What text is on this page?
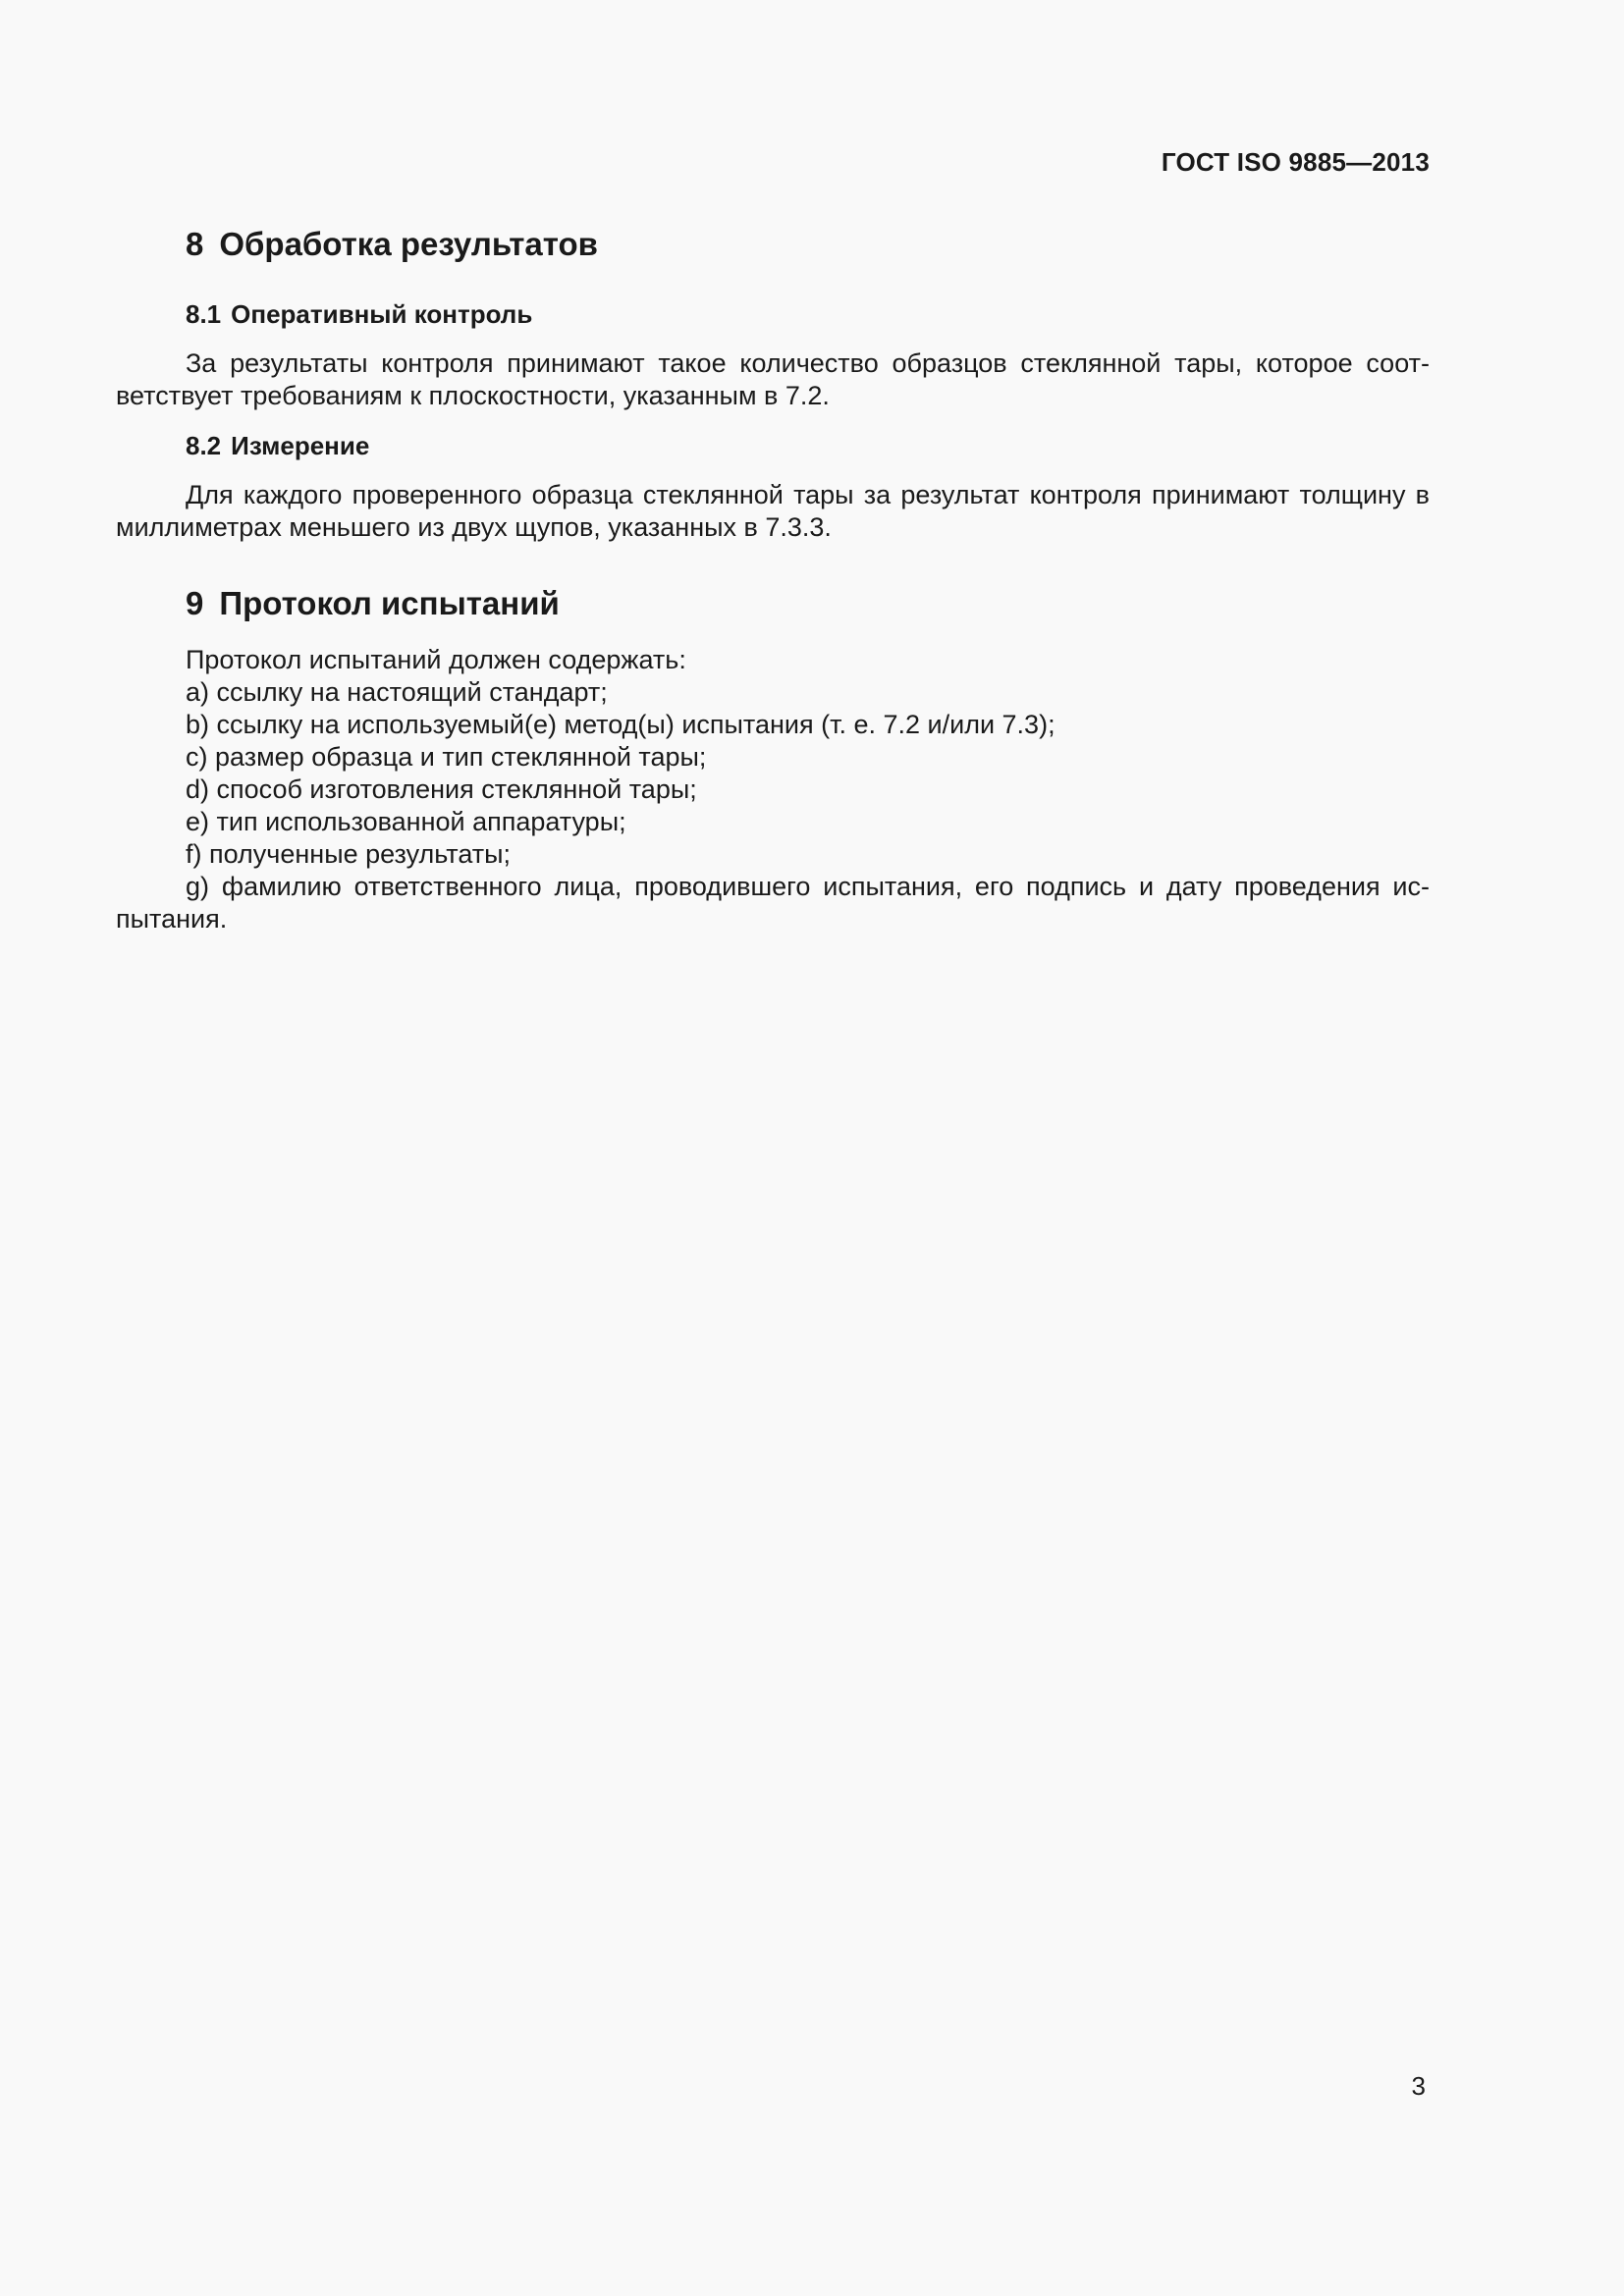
ГОСТ ISO 9885—2013
8 Обработка результатов
8.1 Оперативный контроль

За результаты контроля принимают такое количество образцов стеклянной тары, которое соответствует требованиям к плоскостности, указанным в 7.2.

8.2 Измерение

Для каждого проверенного образца стеклянной тары за результат контроля принимают толщину в миллиметрах меньшего из двух щупов, указанных в 7.3.3.

9 Протокол испытаний

Протокол испытаний должен содержать:

a) ссылку на настоящий стандарт;

b) ссылку на используемый(е) метод(ы) испытания (т. е. 7.2 и/или 7.3);

c) размер образца и тип стеклянной тары;

d) способ изготовления стеклянной тары;

e) тип использованной аппаратуры;

f) полученные результаты;

g) фамилию ответственного лица, проводившего испытания, его подпись и дату проведения испытания.

3
